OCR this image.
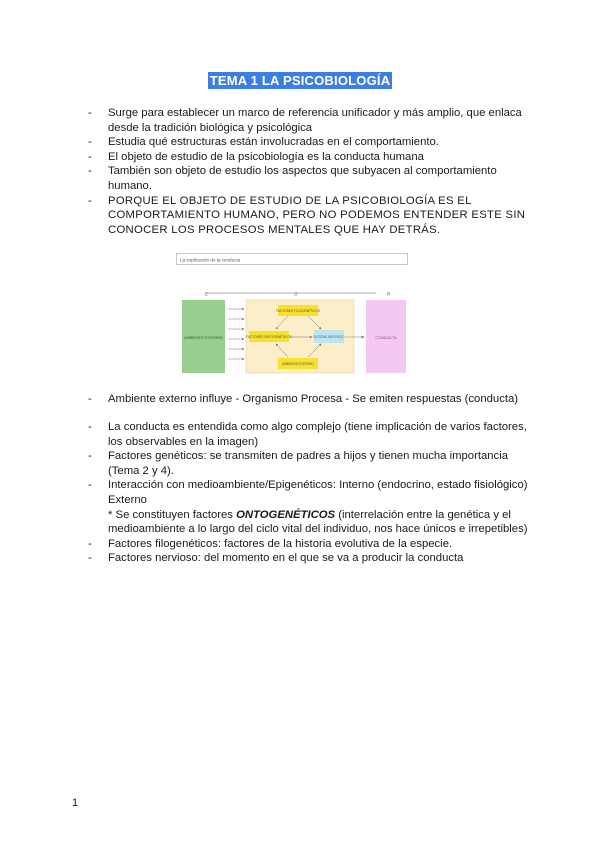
TEMA 1 LA PSICOBIOLOGÍA
- Surge para establecer un marco de referencia unificador y más amplio, que enlaca
desde la tradición biológica y psicológica
- Estudia qué estructuras están involucradas en el comportamiento.
- El objeto de estudio de la psicobiología es la conducta humana
- También son objeto de estudio los aspectos que subyacen al comportamiento
humano.
- PORQUE EL OBJETO DE ESTUDIO DE LA PSICOBIOLOGÍA ES EL
COMPORTAMIENTO HUMANO, PERO NO PODEMOS ENTENDER ESTE SIN
CONOCER LOS PROCESOS MENTALES QUE HAY DETRÁS.
La explicación de la conducta
E	O	R
AMBIENTE EXTERNO	CONDUCTA
FACTORES FILOGENÉTICOS
FACTORES ONTOGENÉTICOS	SISTEMA NERVIOSO
AMBIENTE INTERNO
- Ambiente externo influye - Organismo Procesa - Se emiten respuestas (conducta)
- La conducta es entendida como algo complejo (tiene implicación de varios factores,
los observables en la imagen)
- Factores genéticos: se transmiten de padres a hijos y tienen mucha importancia
(Tema 2 y 4).
- Interacción con medioambiente/Epigenéticos: Interno (endocrino, estado fisiológico)
Externo
* Se constituyen factores ONTOGENÉTICOS (interrelación entre la genética y el
medioambiente a lo largo del ciclo vital del individuo, nos hace únicos e irrepetibles)
- Factores filogenéticos: factores de la historia evolutiva de la especie.
- Factores nervioso: del momento en el que se va a producir la conducta
1
